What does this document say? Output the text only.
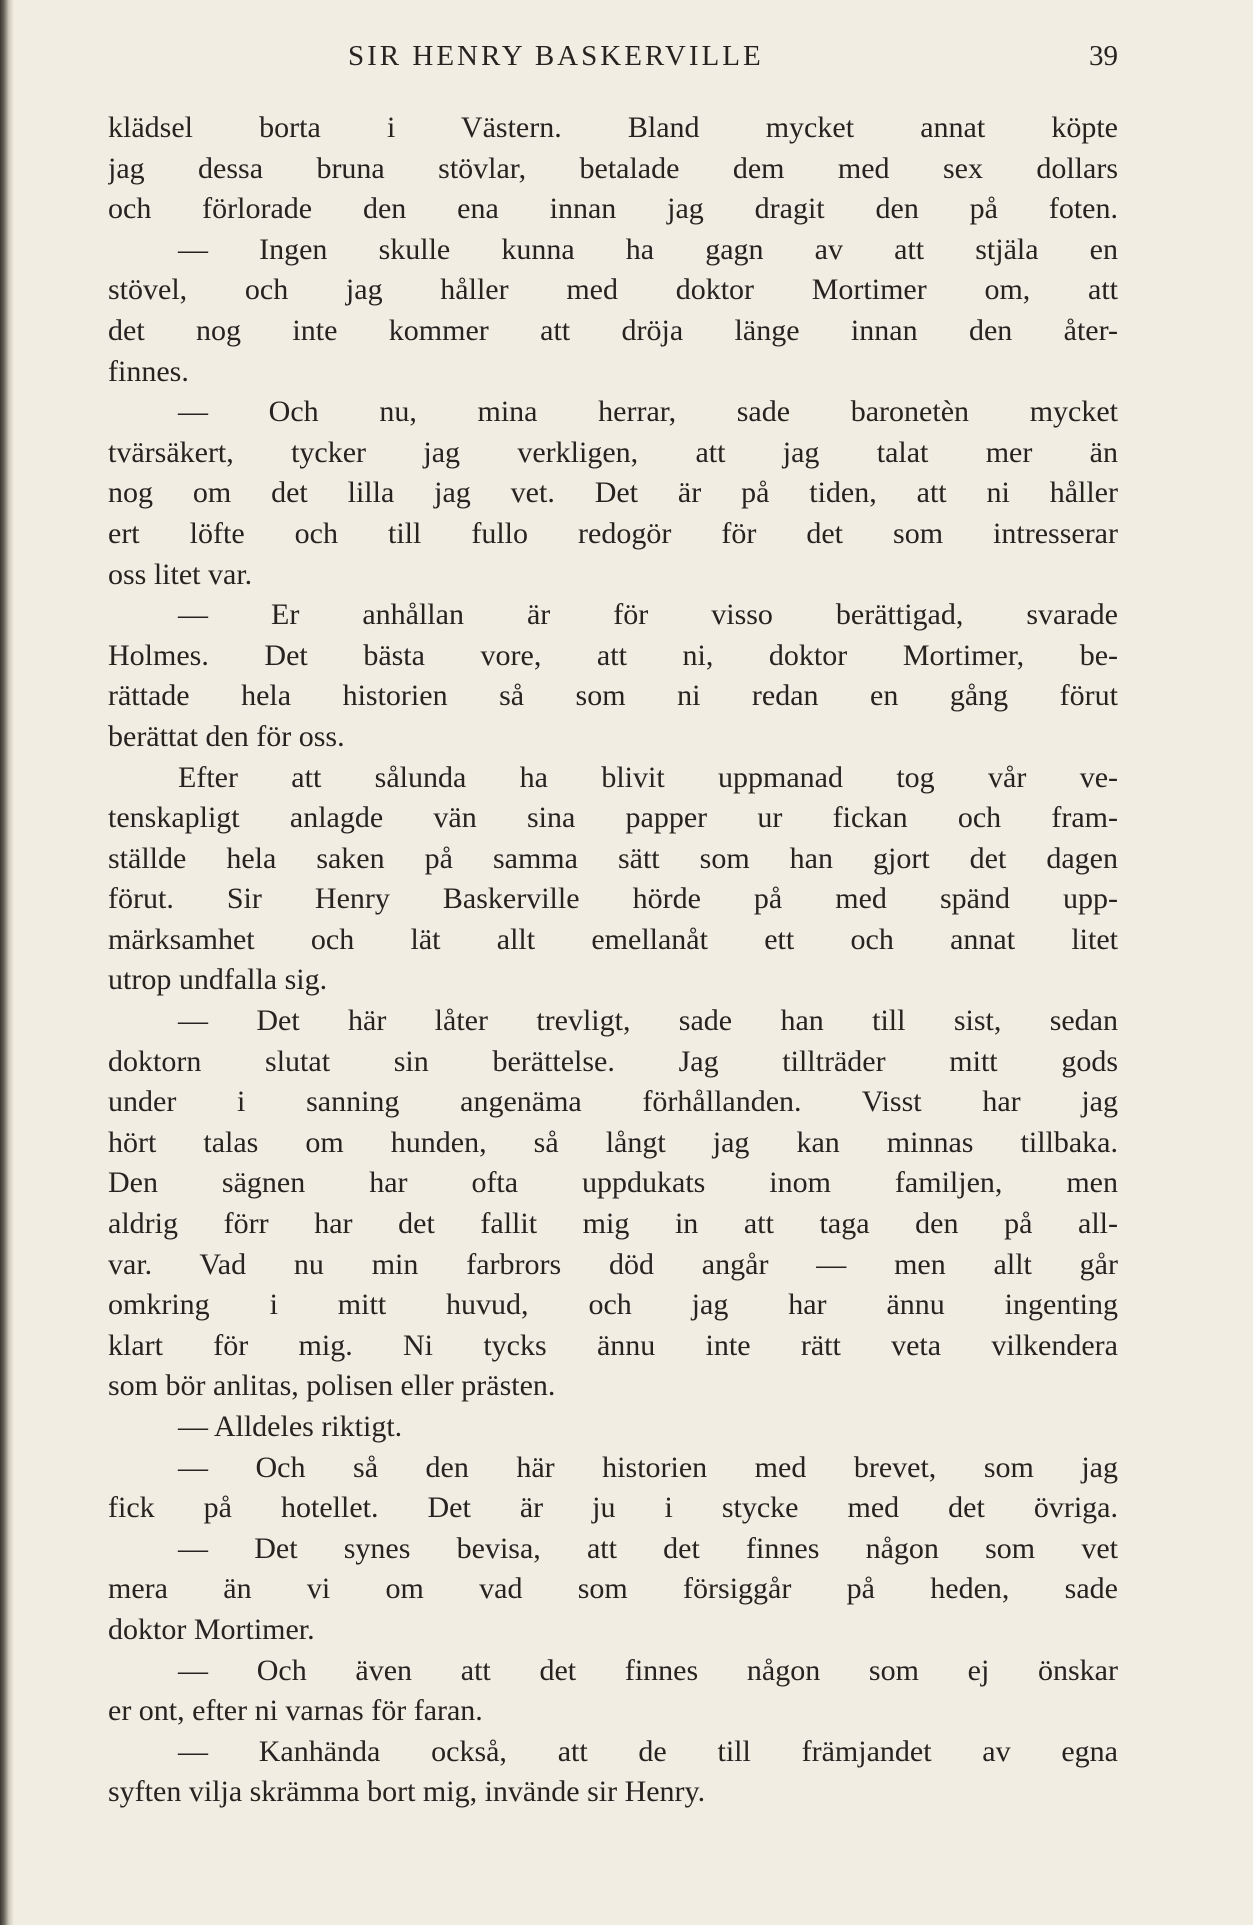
SIR HENRY BASKERVILLE	39
klädsel borta i Västern. Bland mycket annat köpte
jag dessa bruna stövlar, betalade dem med sex dollars
och förlorade den ena innan jag dragit den på foten.
— Ingen skulle kunna ha gagn av att stjäla en
stövel, och jag håller med doktor Mortimer om, att
det nog inte kommer att dröja länge innan den åter-
finnes.
— Och nu, mina herrar, sade baronetèn mycket
tvärsäkert, tycker jag verkligen, att jag talat mer än
nog om det lilla jag vet. Det är på tiden, att ni håller
ert löfte och till fullo redogör för det som intresserar
oss litet var.
— Er anhållan är för visso berättigad, svarade
Holmes. Det bästa vore, att ni, doktor Mortimer, be-
rättade hela historien så som ni redan en gång förut
berättat den för oss.
Efter att sålunda ha blivit uppmanad tog vår ve-
tenskapligt anlagde vän sina papper ur fickan och fram-
ställde hela saken på samma sätt som han gjort det dagen
förut. Sir Henry Baskerville hörde på med spänd upp-
märksamhet och lät allt emellanåt ett och annat litet
utrop undfalla sig.
— Det här låter trevligt, sade han till sist, sedan
doktorn slutat sin berättelse. Jag tillträder mitt gods
under i sanning angenäma förhållanden. Visst har jag
hört talas om hunden, så långt jag kan minnas tillbaka.
Den sägnen har ofta uppdukats inom familjen, men
aldrig förr har det fallit mig in att taga den på all-
var. Vad nu min farbrors död angår — men allt går
omkring i mitt huvud, och jag har ännu ingenting
klart för mig. Ni tycks ännu inte rätt veta vilkendera
som bör anlitas, polisen eller prästen.
— Alldeles riktigt.
— Och så den här historien med brevet, som jag
fick på hotellet. Det är ju i stycke med det övriga.
— Det synes bevisa, att det finnes någon som vet
mera än vi om vad som försiggår på heden, sade
doktor Mortimer.
— Och även att det finnes någon som ej önskar
er ont, efter ni varnas för faran.
— Kanhända också, att de till främjandet av egna
syften vilja skrämma bort mig, invände sir Henry.
